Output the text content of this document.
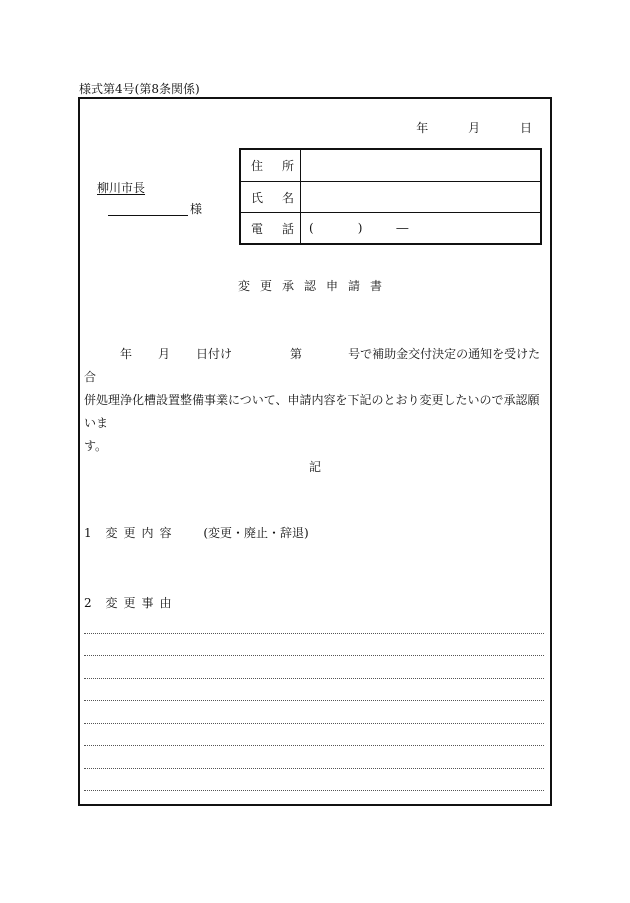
様式第4号(第8条関係)
年	月	日
柳川市長
様
住 所
氏 名
電 話 (	)	―
変更承認申請書
年 月 日付け	第	号で補助金交付決定の通知を受けた合
併処理浄化槽設置整備事業について、申請内容を下記のとおり変更したいので承認願いま
す。
記
1 変更内容 (変更・廃止・辞退)
2 変更事由
